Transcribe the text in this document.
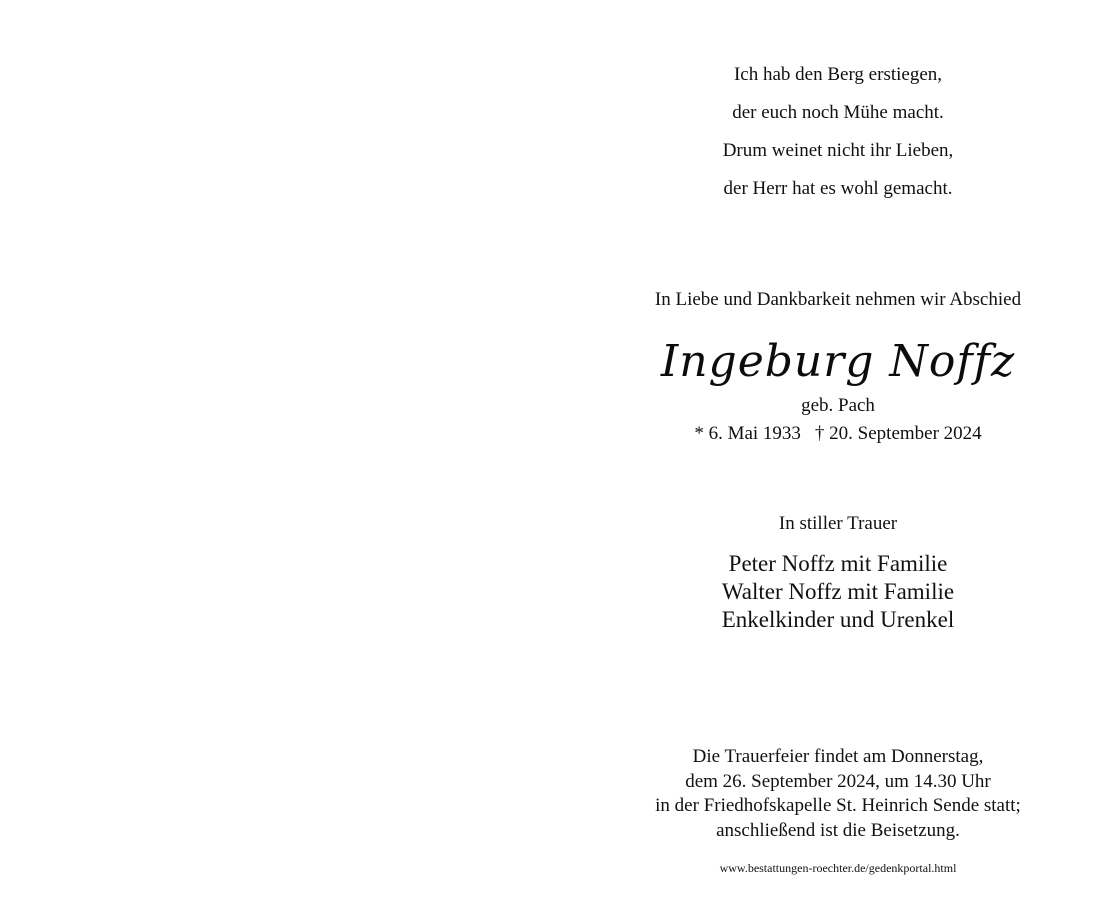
Ich hab den Berg erstiegen,
der euch noch Mühe macht.
Drum weinet nicht ihr Lieben,
der Herr hat es wohl gemacht.
In Liebe und Dankbarkeit nehmen wir Abschied
Ingeburg Noffz
geb. Pach
* 6. Mai 1933 † 20. September 2024
In stiller Trauer
Peter Noffz mit Familie
Walter Noffz mit Familie
Enkelkinder und Urenkel
Die Trauerfeier findet am Donnerstag,
dem 26. September 2024, um 14.30 Uhr
in der Friedhofskapelle St. Heinrich Sende statt;
anschließend ist die Beisetzung.
www.bestattungen-roechter.de/gedenkportal.html
